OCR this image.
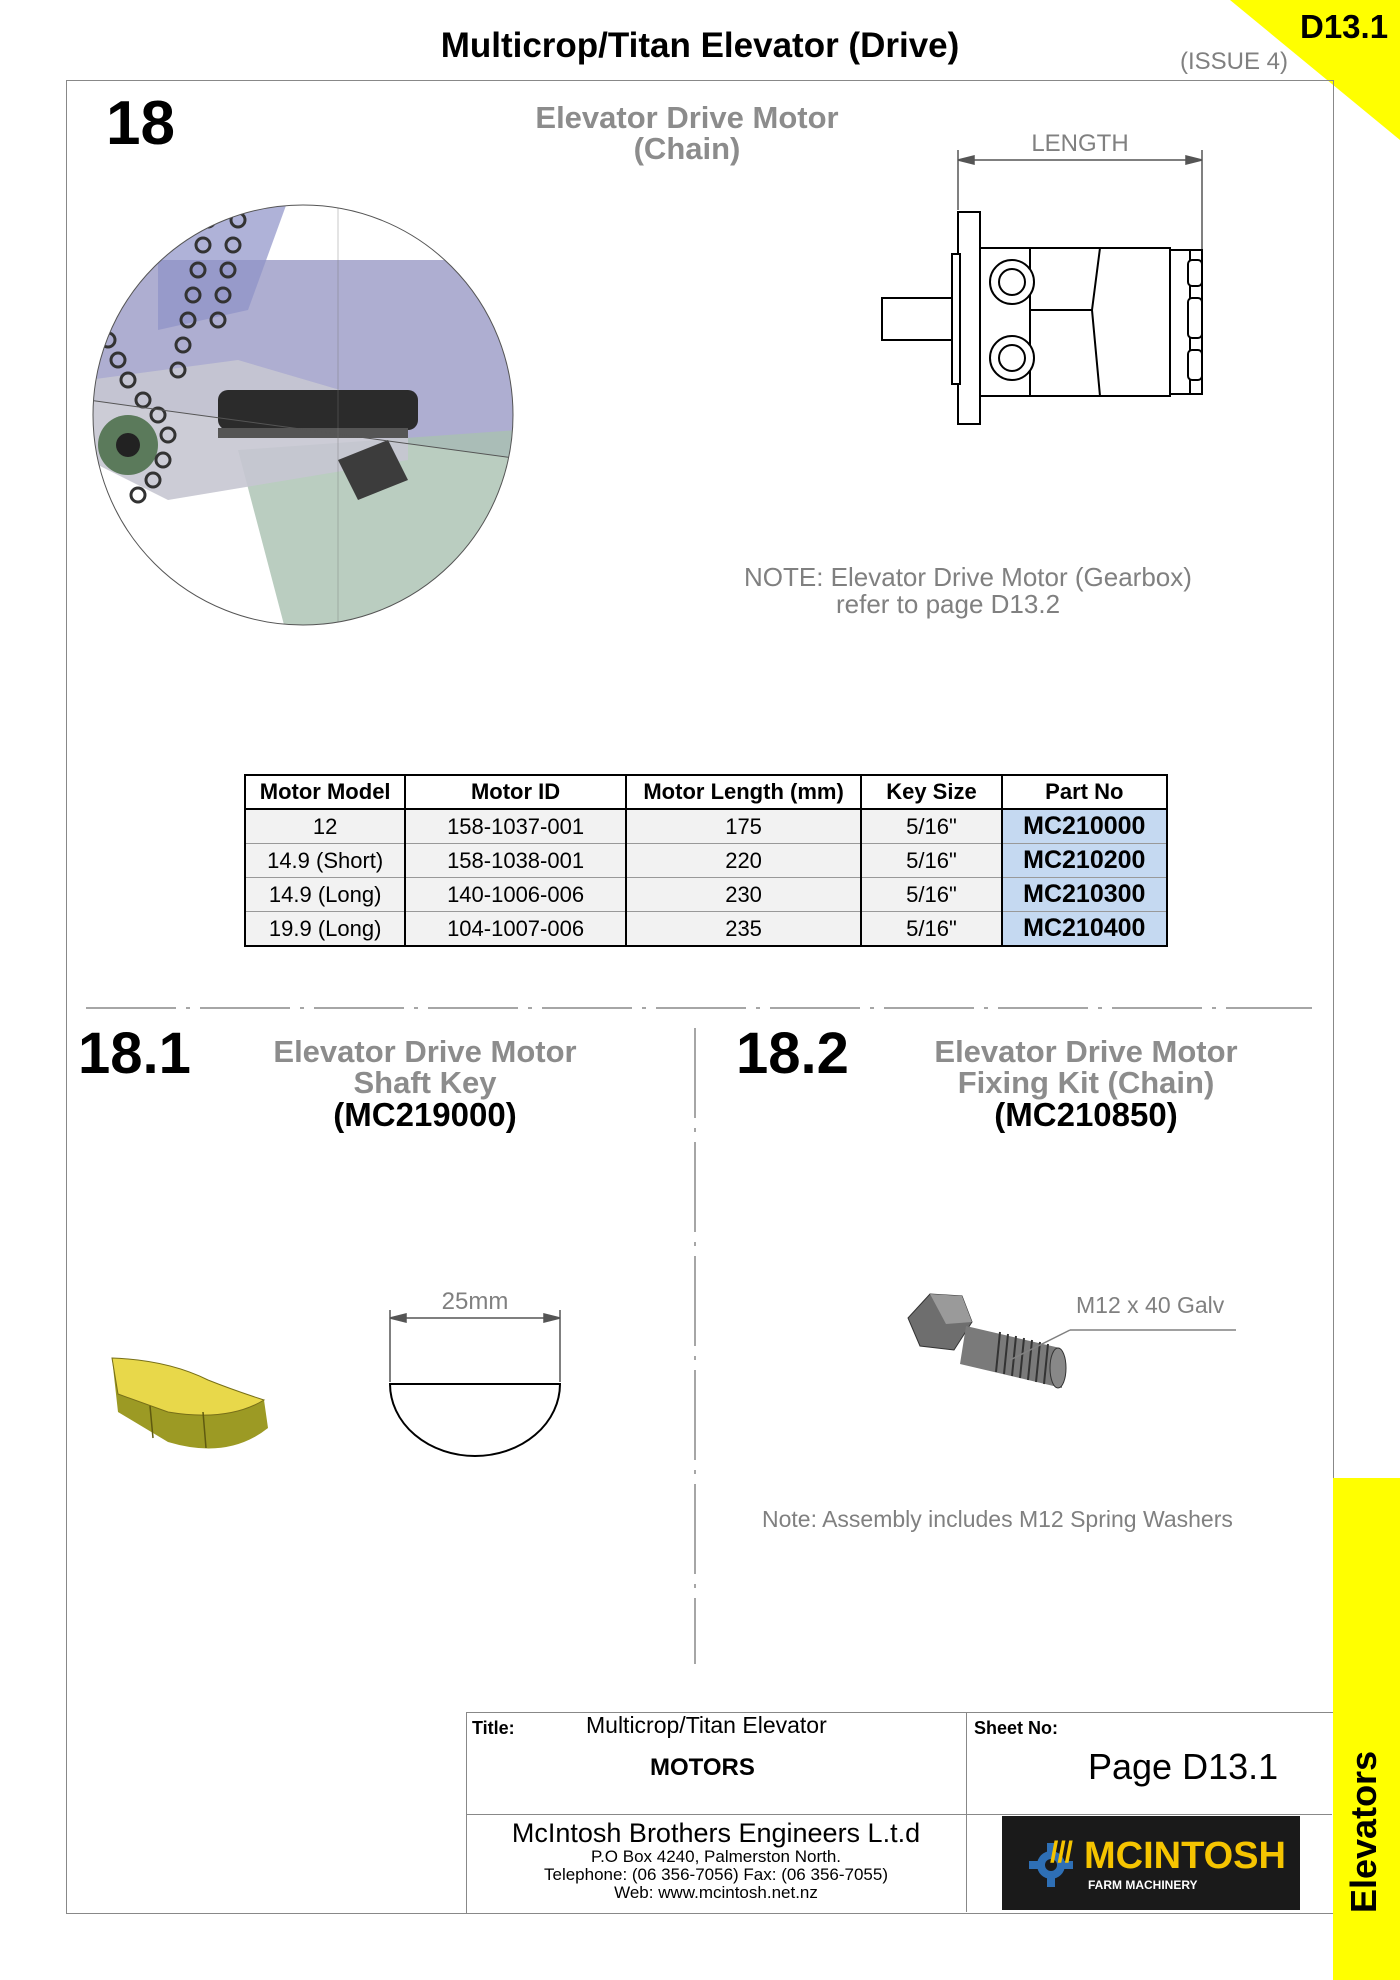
Multicrop/Titan Elevator (Drive)	(ISSUE 4)
D13.1
Elevators
18	Elevator Drive Motor
(Chain)	LENGTH
NOTE: Elevator Drive Motor (Gearbox)
refer to page D13.2
Motor Model	Motor ID	Motor Length (mm)	Key Size	Part No
12	158-1037-001	175	5/16"	MC210000
14.9 (Short)	158-1038-001	220	5/16"	MC210200
14.9 (Long)	140-1006-006	230	5/16"	MC210300
19.9 (Long)	104-1007-006	235	5/16"	MC210400
18.1	Elevator Drive Motor
Shaft Key
(MC219000)
25mm
18.2	Elevator Drive Motor
Fixing Kit (Chain)
(MC210850)
M12 x 40 Galv
Note: Assembly includes M12 Spring Washers
Title:	Multicrop/Titan Elevator
MOTORS
Sheet No:
Page D13.1
McIntosh Brothers Engineers L.t.d
P.O Box 4240, Palmerston North.
Telephone: (06 356-7056) Fax: (06 356-7055)
Web: www.mcintosh.net.nz
/// MCINTOSH
FARM MACHINERY
